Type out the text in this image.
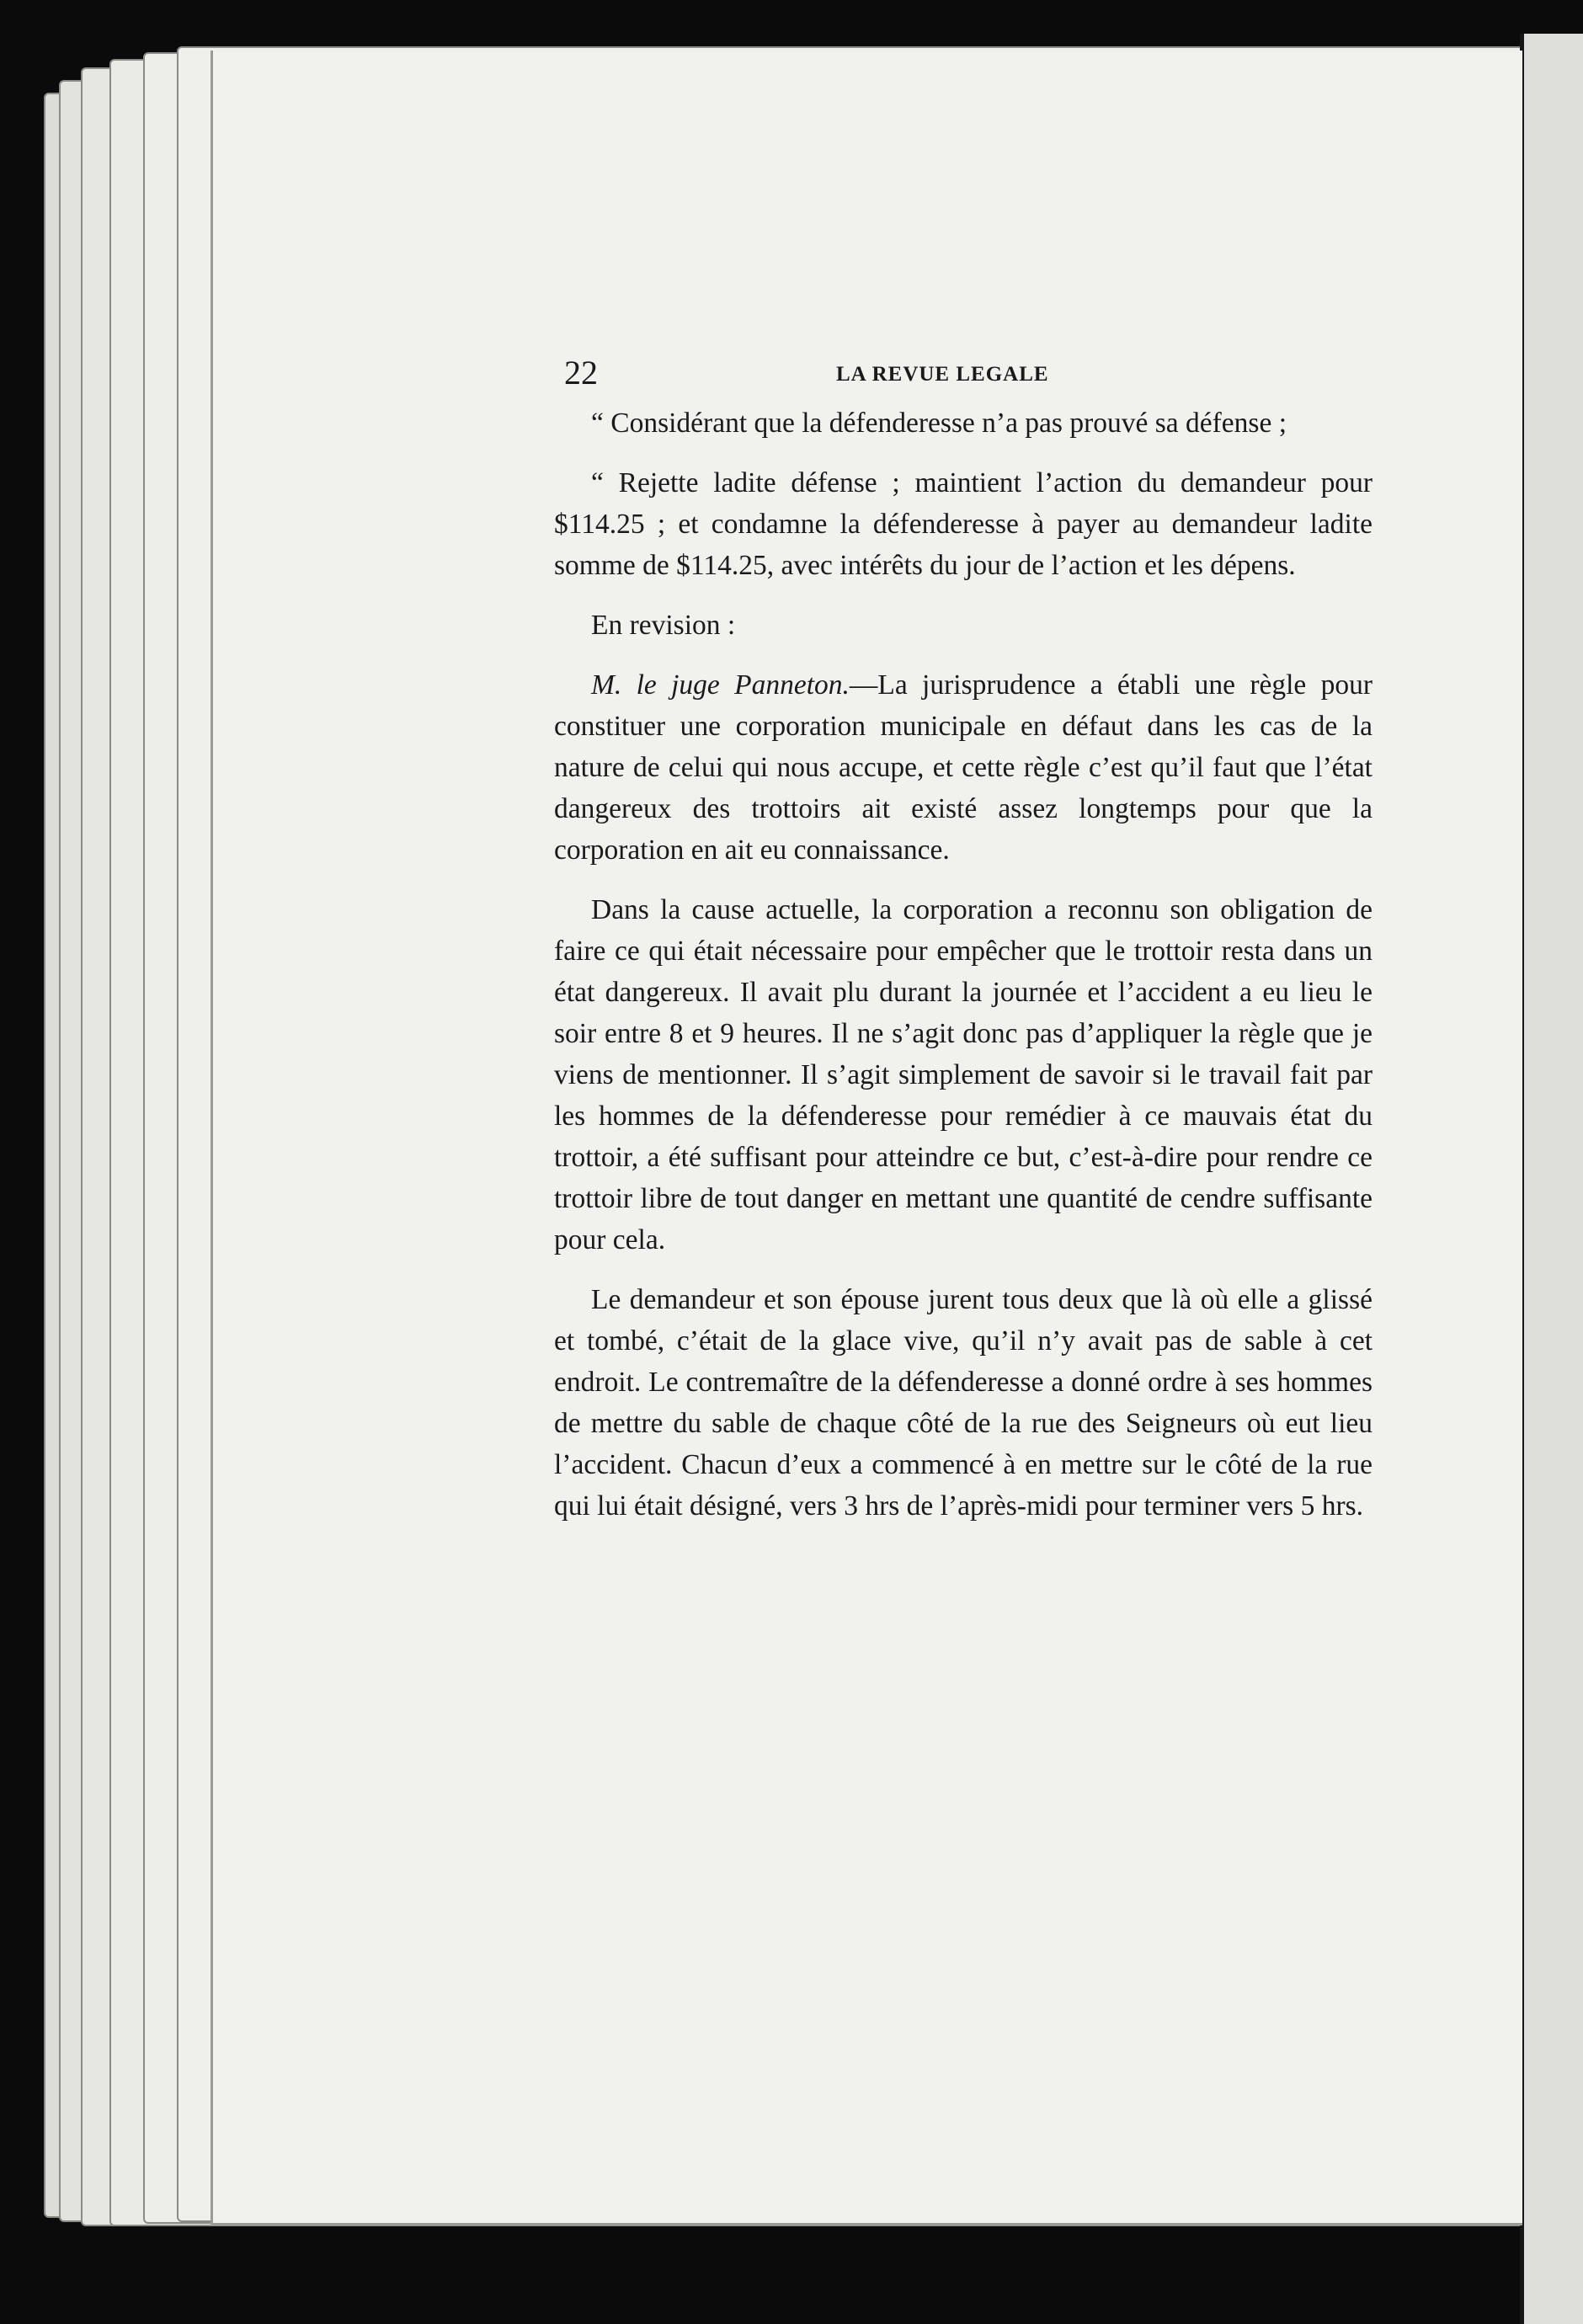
22	LA REVUE LEGALE

“ Considérant que la défenderesse n’a pas prouvé sa défense ;

“ Rejette ladite défense ; maintient l’action du demandeur pour $114.25 ; et condamne la défenderesse à payer au demandeur ladite somme de $114.25, avec intérêts du jour de l’action et les dépens.

En revision :

M. le juge Panneton.—La jurisprudence a établi une règle pour constituer une corporation municipale en défaut dans les cas de la nature de celui qui nous accupe, et cette règle c’est qu’il faut que l’état dangereux des trottoirs ait existé assez longtemps pour que la corporation en ait eu connaissance.

Dans la cause actuelle, la corporation a reconnu son obligation de faire ce qui était nécessaire pour empêcher que le trottoir resta dans un état dangereux. Il avait plu durant la journée et l’accident a eu lieu le soir entre 8 et 9 heures. Il ne s’agit donc pas d’appliquer la règle que je viens de mentionner. Il s’agit simplement de savoir si le travail fait par les hommes de la défenderesse pour remédier à ce mauvais état du trottoir, a été suffisant pour atteindre ce but, c’est-à-dire pour rendre ce trottoir libre de tout danger en mettant une quantité de cendre suffisante pour cela.

Le demandeur et son épouse jurent tous deux que là où elle a glissé et tombé, c’était de la glace vive, qu’il n’y avait pas de sable à cet endroit. Le contremaître de la défenderesse a donné ordre à ses hommes de mettre du sable de chaque côté de la rue des Seigneurs où eut lieu l’accident. Chacun d’eux a commencé à en mettre sur le côté de la rue qui lui était désigné, vers 3 hrs de l’après-midi pour terminer vers 5 hrs.
